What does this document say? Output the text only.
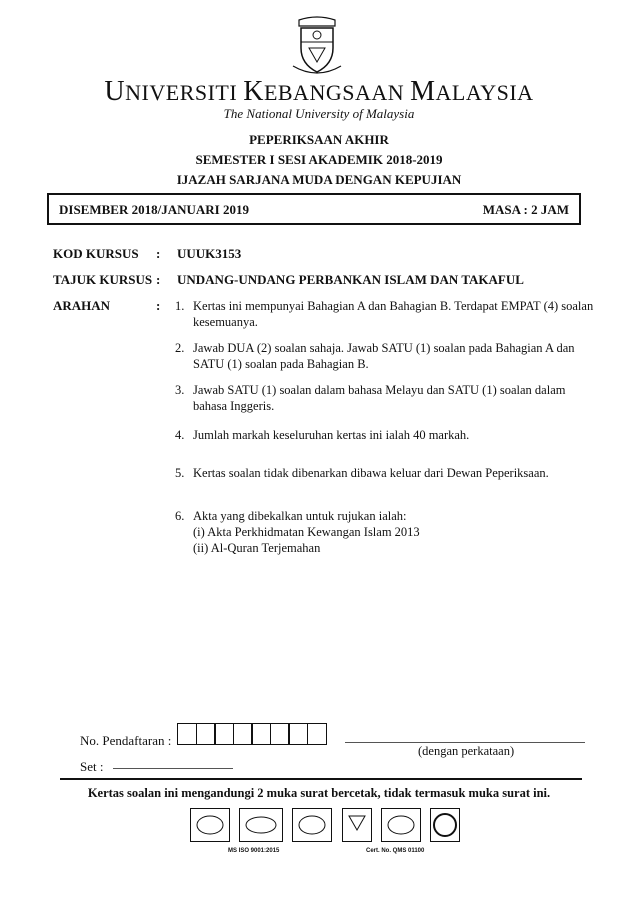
UNIVERSITI KEBANGSAAN MALAYSIA
The National University of Malaysia
PEPERIKSAAN AKHIR
SEMESTER I SESI AKADEMIK 2018-2019
IJAZAH SARJANA MUDA DENGAN KEPUJIAN
DISEMBER 2018/JANUARI 2019	MASA : 2 JAM
KOD KURSUS : UUUK3153
TAJUK KURSUS : UNDANG-UNDANG PERBANKAN ISLAM DAN TAKAFUL
ARAHAN	: 1. Kertas ini mempunyai Bahagian A dan Bahagian B. Terdapat EMPAT (4) soalan kesemuanya.
2. Jawab DUA (2) soalan sahaja. Jawab SATU (1) soalan pada Bahagian A dan SATU (1) soalan pada Bahagian B.
3. Jawab SATU (1) soalan dalam bahasa Melayu dan SATU (1) soalan dalam bahasa Inggeris.
4. Jumlah markah keseluruhan kertas ini ialah 40 markah.
5. Kertas soalan tidak dibenarkan dibawa keluar dari Dewan Peperiksaan.
6. Akta yang dibekalkan untuk rujukan ialah:
(i) Akta Perkhidmatan Kewangan Islam 2013
(ii) Al-Quran Terjemahan
No. Pendaftaran :
(dengan perkataan)
Set :
Kertas soalan ini mengandungi 2 muka surat bercetak, tidak termasuk muka surat ini.
MS ISO 9001:2015	Cert. No. QMS 01100
